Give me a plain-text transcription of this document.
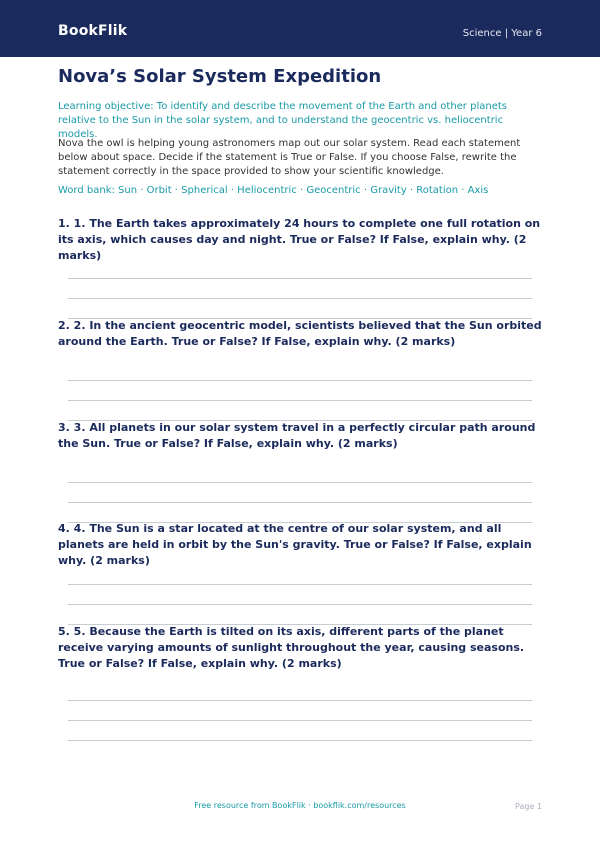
BookFlik	Science | Year 6
Nova’s Solar System Expedition
Learning objective: To identify and describe the movement of the Earth and other planets relative to the Sun in the solar system, and to understand the geocentric vs. heliocentric models.
Nova the owl is helping young astronomers map out our solar system. Read each statement below about space. Decide if the statement is True or False. If you choose False, rewrite the statement correctly in the space provided to show your scientific knowledge.
Word bank: Sun · Orbit · Spherical · Heliocentric · Geocentric · Gravity · Rotation · Axis
1. 1. The Earth takes approximately 24 hours to complete one full rotation on its axis, which causes day and night. True or False? If False, explain why. (2 marks)
2. 2. In the ancient geocentric model, scientists believed that the Sun orbited around the Earth. True or False? If False, explain why. (2 marks)
3. 3. All planets in our solar system travel in a perfectly circular path around the Sun. True or False? If False, explain why. (2 marks)
4. 4. The Sun is a star located at the centre of our solar system, and all planets are held in orbit by the Sun's gravity. True or False? If False, explain why. (2 marks)
5. 5. Because the Earth is tilted on its axis, different parts of the planet receive varying amounts of sunlight throughout the year, causing seasons. True or False? If False, explain why. (2 marks)
Free resource from BookFlik · bookflik.com/resources	Page 1
